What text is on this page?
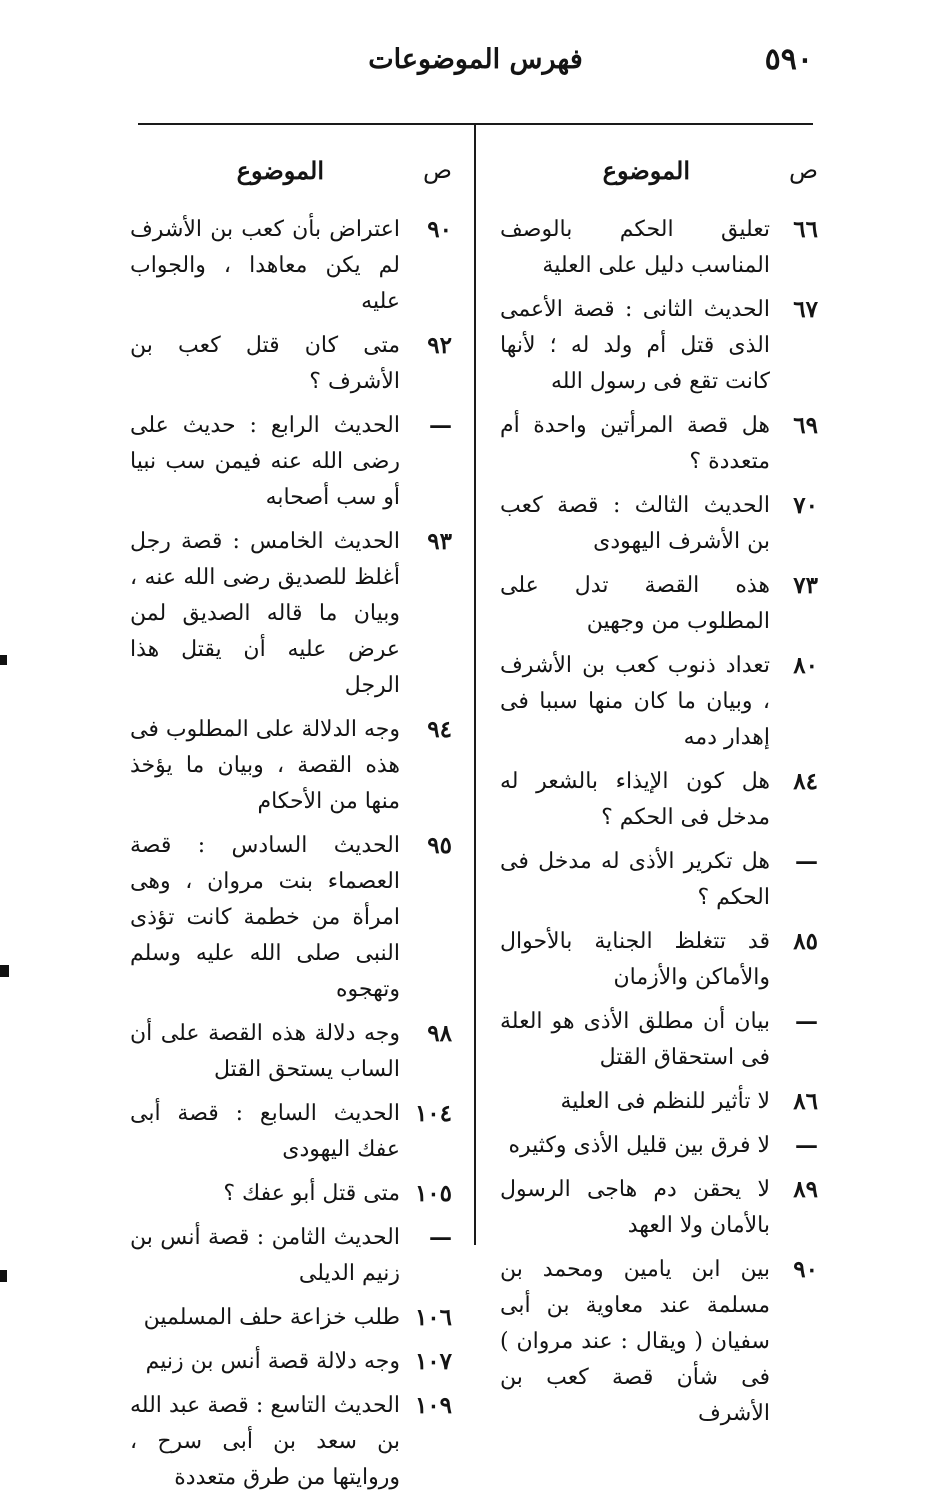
٥٩٠
فهرس الموضوعات
ص
الموضوع
٦٦
تعليق الحكم بالوصف المناسب دليل على العلية
٦٧
الحديث الثانى : قصة الأعمى الذى قتل أم ولد له ؛ لأنها كانت تقع فى رسول الله
٦٩
هل قصة المرأتين واحدة أم متعددة ؟
٧٠
الحديث الثالث : قصة كعب بن الأشرف اليهودى
٧٣
هذه القصة تدل على المطلوب من وجهين
٨٠
تعداد ذنوب كعب بن الأشرف ، وبيان ما كان منها سببا فى إهدار دمه
٨٤
هل كون الإيذاء بالشعر له مدخل فى الحكم ؟
—
هل تكرير الأذى له مدخل فى الحكم ؟
٨٥
قد تتغلظ الجناية بالأحوال والأماكن والأزمان
—
بيان أن مطلق الأذى هو العلة فى استحقاق القتل
٨٦
لا تأثير للنظم فى العلية
—
لا فرق بين قليل الأذى وكثيره
٨٩
لا يحقن دم هاجى الرسول بالأمان ولا العهد
٩٠
بين ابن يامين ومحمد بن مسلمة عند معاوية بن أبى سفيان ( ويقال : عند مروان ) فى شأن قصة كعب بن الأشرف
ص
الموضوع
٩٠
اعتراض بأن كعب بن الأشرف لم يكن معاهدا ، والجواب عليه
٩٢
متى كان قتل كعب بن الأشرف ؟
—
الحديث الرابع : حديث على رضى الله عنه فيمن سب نبيا أو سب أصحابه
٩٣
الحديث الخامس : قصة رجل أغلظ للصديق رضى الله عنه ، وبيان ما قاله الصديق لمن عرض عليه أن يقتل هذا الرجل
٩٤
وجه الدلالة على المطلوب فى هذه القصة ، وبيان ما يؤخذ منها من الأحكام
٩٥
الحديث السادس : قصة العصماء بنت مروان ، وهى امرأة من خطمة كانت تؤذى النبى صلى الله عليه وسلم وتهجوه
٩٨
وجه دلالة هذه القصة على أن الساب يستحق القتل
١٠٤
الحديث السابع : قصة أبى عفك اليهودى
١٠٥
متى قتل أبو عفك ؟
—
الحديث الثامن : قصة أنس بن زنيم الديلى
١٠٦
طلب خزاعة حلف المسلمين
١٠٧
وجه دلالة قصة أنس بن زنيم
١٠٩
الحديث التاسع : قصة عبد الله بن سعد بن أبى سرح ، وروايتها من طرق متعددة
